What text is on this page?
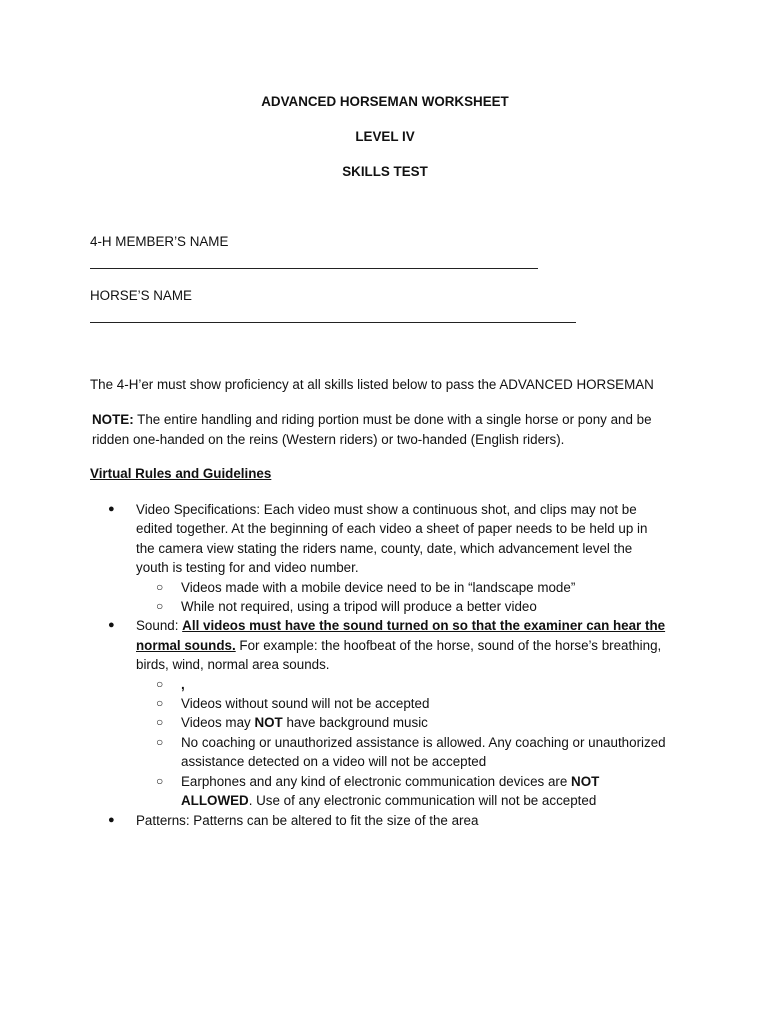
ADVANCED HORSEMAN WORKSHEET
LEVEL IV
SKILLS TEST
4-H MEMBER’S NAME
HORSE’S NAME
The 4-H’er must show proficiency at all skills listed below to pass the ADVANCED HORSEMAN
NOTE: The entire handling and riding portion must be done with a single horse or pony and be ridden one-handed on the reins (Western riders) or two-handed (English riders).
Virtual Rules and Guidelines
● Video Specifications: Each video must show a continuous shot, and clips may not be edited together. At the beginning of each video a sheet of paper needs to be held up in the camera view stating the riders name, county, date, which advancement level the youth is testing for and video number.
○ Videos made with a mobile device need to be in “landscape mode”
○ While not required, using a tripod will produce a better video
● Sound: All videos must have the sound turned on so that the examiner can hear the normal sounds. For example: the hoofbeat of the horse, sound of the horse’s breathing, birds, wind, normal area sounds.
○ ,
○ Videos without sound will not be accepted
○ Videos may NOT have background music
○ No coaching or unauthorized assistance is allowed. Any coaching or unauthorized assistance detected on a video will not be accepted
○ Earphones and any kind of electronic communication devices are NOT ALLOWED. Use of any electronic communication will not be accepted
● Patterns: Patterns can be altered to fit the size of the area
